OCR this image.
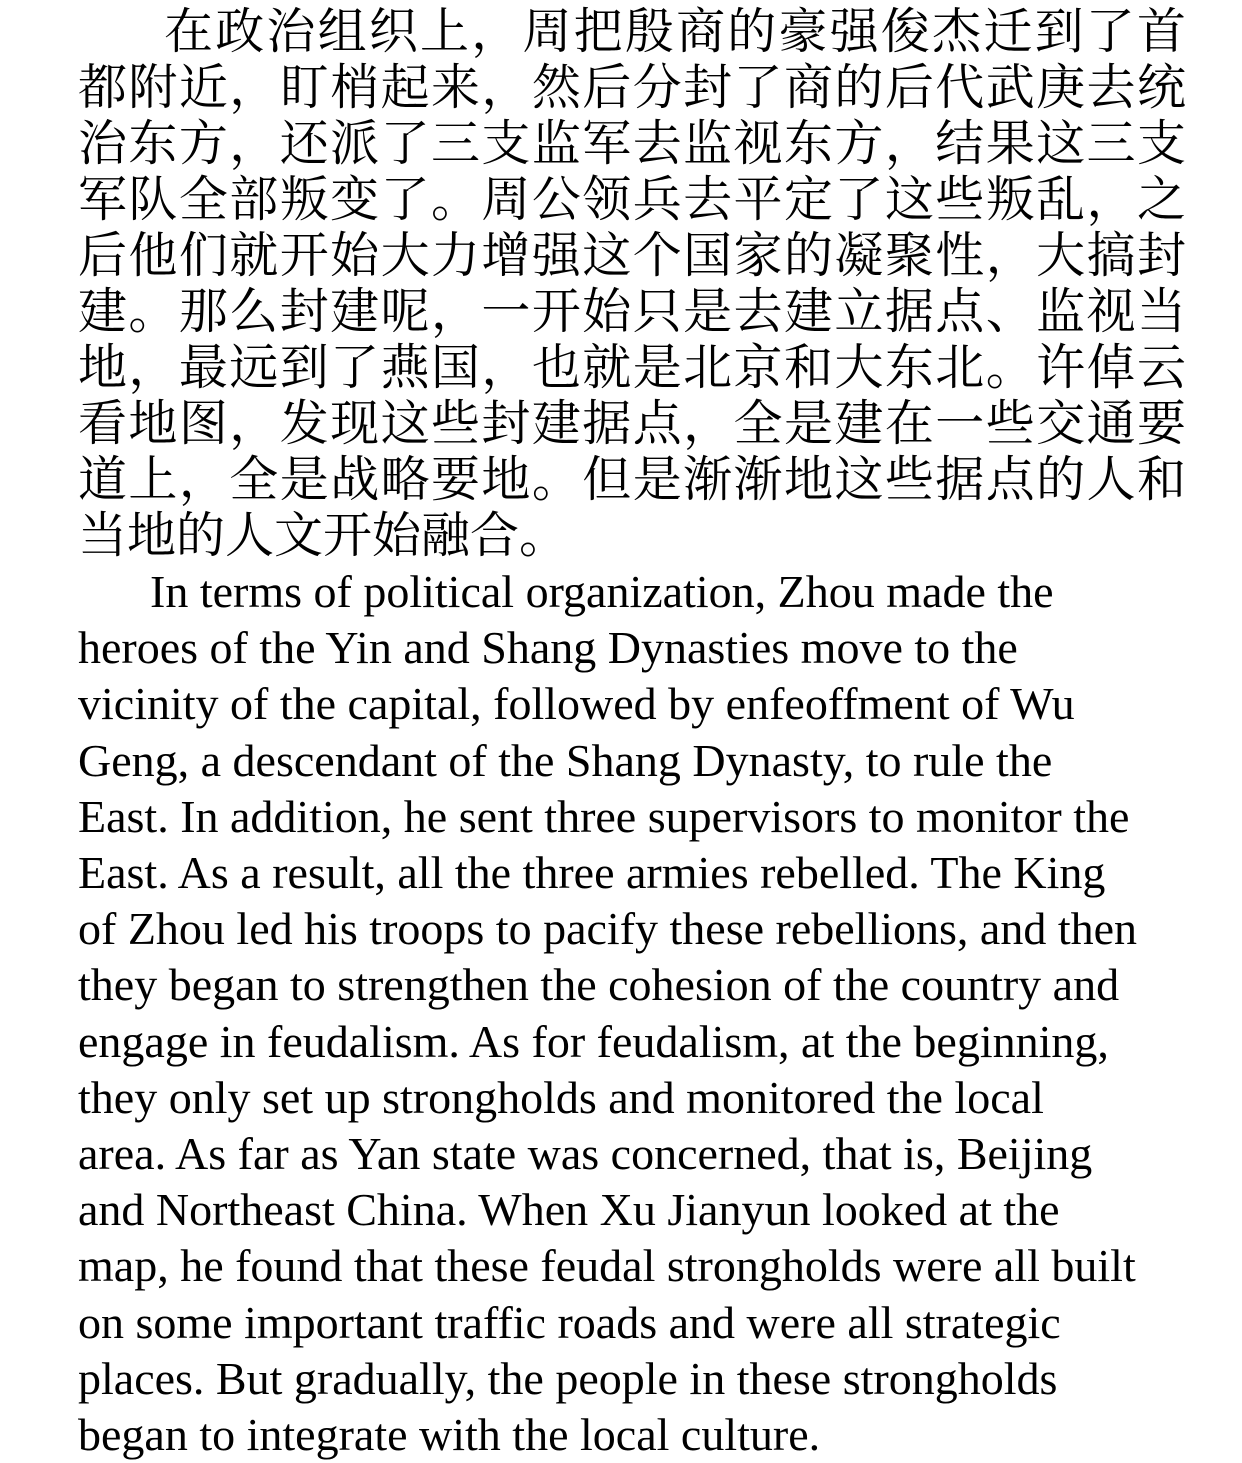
在政治组织上，周把殷商的豪强俊杰迁到了首都附近，盯梢起来，然后分封了商的后代武庚去统治东方，还派了三支监军去监视东方，结果这三支军队全部叛变了。周公领兵去平定了这些叛乱，之后他们就开始大力增强这个国家的凝聚性，大搞封建。那么封建呢，一开始只是去建立据点、监视当地，最远到了燕国，也就是北京和大东北。许倬云看地图，发现这些封建据点，全是建在一些交通要道上，全是战略要地。但是渐渐地这些据点的人和当地的人文开始融合。

In terms of political organization, Zhou made the
heroes of the Yin and Shang Dynasties move to the
vicinity of the capital, followed by enfeoffment of Wu
Geng, a descendant of the Shang Dynasty, to rule the
East. In addition, he sent three supervisors to monitor the
East. As a result, all the three armies rebelled. The King
of Zhou led his troops to pacify these rebellions, and then
they began to strengthen the cohesion of the country and
engage in feudalism. As for feudalism, at the beginning,
they only set up strongholds and monitored the local
area. As far as Yan state was concerned, that is, Beijing
and Northeast China. When Xu Jianyun looked at the
map, he found that these feudal strongholds were all built
on some important traffic roads and were all strategic
places. But gradually, the people in these strongholds
began to integrate with the local culture.
